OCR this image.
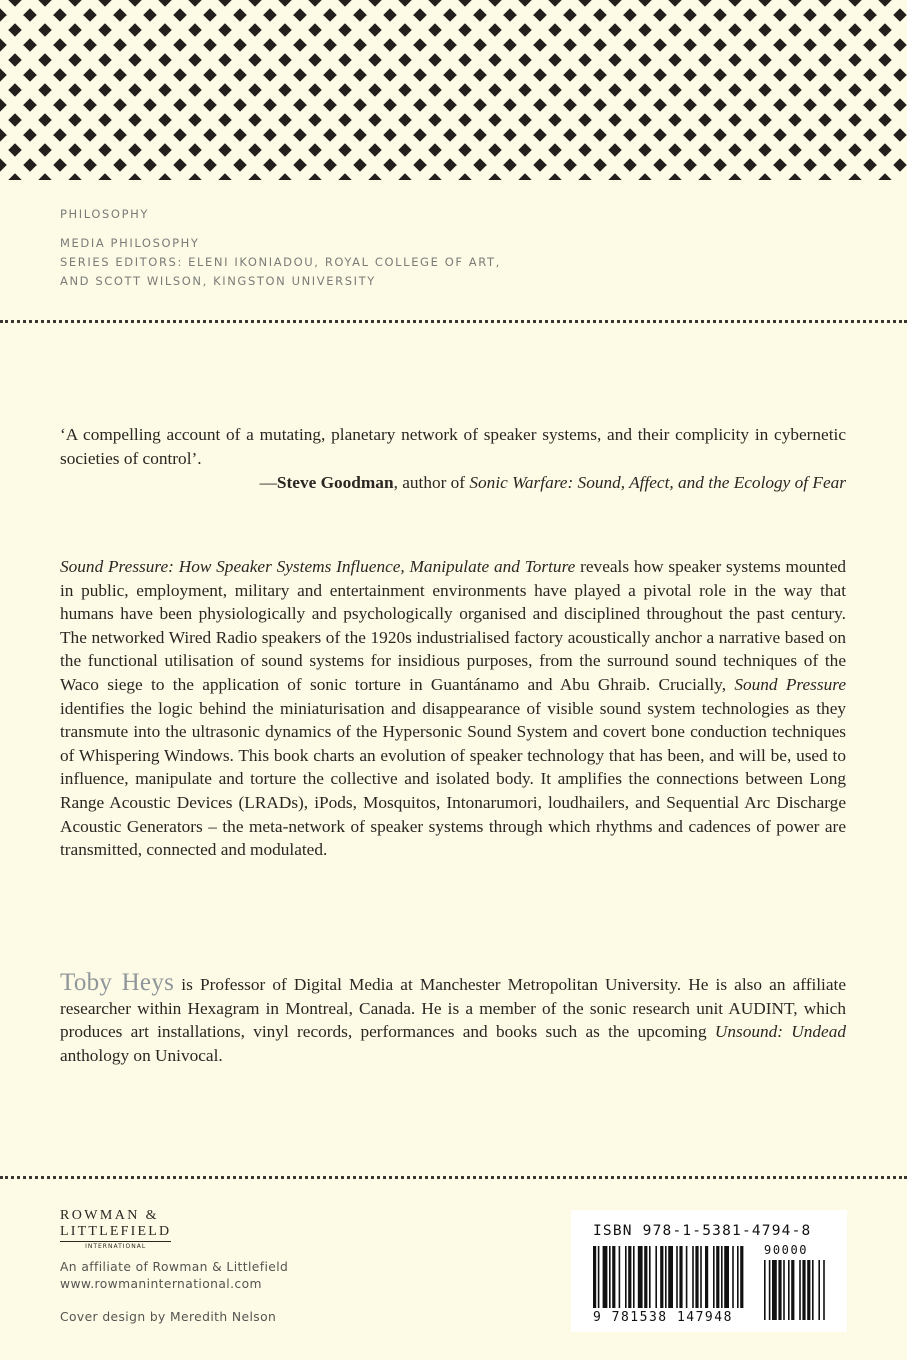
PHILOSOPHY
MEDIA PHILOSOPHY
SERIES EDITORS: ELENI IKONIADOU, ROYAL COLLEGE OF ART,
AND SCOTT WILSON, KINGSTON UNIVERSITY
‘A compelling account of a mutating, planetary network of speaker systems, and their complicity in cybernetic societies of control’.
—Steve Goodman, author of Sonic Warfare: Sound, Affect, and the Ecology of Fear
Sound Pressure: How Speaker Systems Influence, Manipulate and Torture reveals how speaker systems mounted in public, employment, military and entertainment environments have played a pivotal role in the way that humans have been physiologically and psychologically organised and disciplined throughout the past century. The networked Wired Radio speakers of the 1920s industrialised factory acoustically anchor a narrative based on the functional utilisation of sound systems for insidious purposes, from the surround sound techniques of the Waco siege to the application of sonic torture in Guantánamo and Abu Ghraib. Crucially, Sound Pressure identifies the logic behind the miniaturisation and disappearance of visible sound system technologies as they transmute into the ultrasonic dynamics of the Hypersonic Sound System and covert bone conduction techniques of Whispering Windows. This book charts an evolution of speaker technology that has been, and will be, used to influence, manipulate and torture the collective and isolated body. It amplifies the connections between Long Range Acoustic Devices (LRADs), iPods, Mosquitos, Intonarumori, loudhailers, and Sequential Arc Discharge Acoustic Generators – the meta-network of speaker systems through which rhythms and cadences of power are transmitted, connected and modulated.
Toby Heys is Professor of Digital Media at Manchester Metropolitan University. He is also an affiliate researcher within Hexagram in Montreal, Canada. He is a member of the sonic research unit AUDINT, which produces art installations, vinyl records, performances and books such as the upcoming Unsound: Undead anthology on Univocal.
ROWMAN &
LITTLEFIELD
INTERNATIONAL
An affiliate of Rowman & Littlefield
www.rowmaninternational.com
Cover design by Meredith Nelson
ISBN 978-1-5381-4794-8
90000
9 781538 147948
